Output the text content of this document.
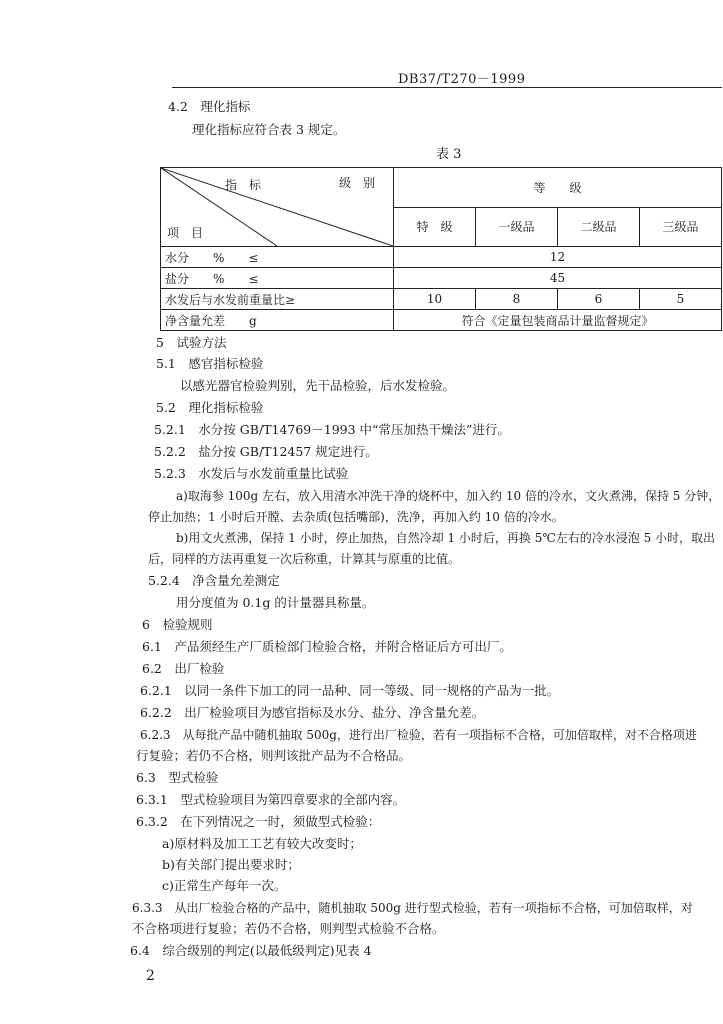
DB37/T270－1999
4.2　理化指标
理化指标应符合表 3 规定。
表 3
级　别
指　标
项　目	等　　级			
	特　级	一级品	二级品	三级品
水分　　%　　≤	12			
盐分　　%　　≤	45			
水发后与水发前重量比≥	10	8	6	5
净含量允差　　g	符合《定量包装商品计量监督规定》			
5　试验方法
5.1　感官指标检验
以感光器官检验判别，先干品检验，后水发检验。
5.2　理化指标检验
5.2.1　水分按 GB/T14769－1993 中“常压加热干燥法”进行。
5.2.2　盐分按 GB/T12457 规定进行。
5.2.3　水发后与水发前重量比试验
a)取海参 100g 左右，放入用清水冲洗干净的烧杯中，加入约 10 倍的冷水，文火煮沸，保持 5 分钟，
停止加热；1 小时后开膛、去杂质(包括嘴部)，洗净，再加入约 10 倍的冷水。
b)用文火煮沸，保持 1 小时，停止加热，自然冷却 1 小时后，再换 5℃左右的冷水浸泡 5 小时，取出
后，同样的方法再重复一次后称重，计算其与原重的比值。
5.2.4　净含量允差测定
用分度值为 0.1g 的计量器具称量。
6　检验规则
6.1　产品须经生产厂质检部门检验合格，并附合格证后方可出厂。
6.2　出厂检验
6.2.1　以同一条件下加工的同一品种、同一等级、同一规格的产品为一批。
6.2.2　出厂检验项目为感官指标及水分、盐分、净含量允差。
6.2.3　从每批产品中随机抽取 500g，进行出厂检验，若有一项指标不合格，可加倍取样，对不合格项进
行复验；若仍不合格，则判该批产品为不合格品。
6.3　型式检验
6.3.1　型式检验项目为第四章要求的全部内容。
6.3.2　在下列情况之一时，须做型式检验：
a)原材料及加工工艺有较大改变时；
b)有关部门提出要求时；
c)正常生产每年一次。
6.3.3　从出厂检验合格的产品中，随机抽取 500g 进行型式检验，若有一项指标不合格，可加倍取样，对
不合格项进行复验；若仍不合格，则判型式检验不合格。
6.4　综合级别的判定(以最低级判定)见表 4
2
